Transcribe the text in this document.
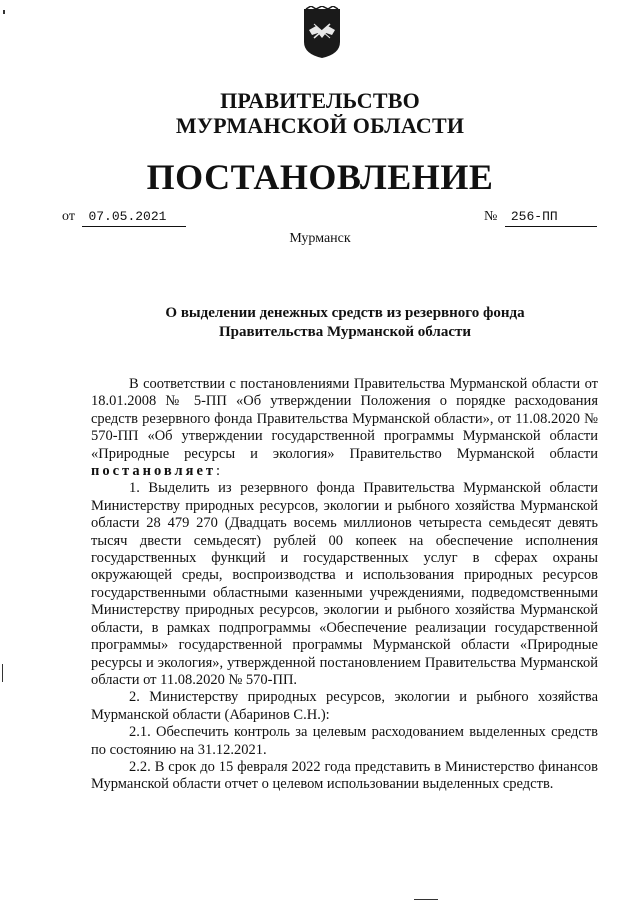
ПРАВИТЕЛЬСТВО
МУРМАНСКОЙ ОБЛАСТИ
ПОСТАНОВЛЕНИЕ
от 07.05.2021	№ 256-ПП
Мурманск
О выделении денежных средств из резервного фонда
Правительства Мурманской области

В соответствии с постановлениями Правительства Мурманской области от 18.01.2008 № 5-ПП «Об утверждении Положения о порядке расходования средств резервного фонда Правительства Мурманской области», от 11.08.2020 № 570-ПП «Об утверждении государственной программы Мурманской области «Природные ресурсы и экология» Правительство Мурманской области постановляет:

1. Выделить из резервного фонда Правительства Мурманской области Министерству природных ресурсов, экологии и рыбного хозяйства Мурманской области 28 479 270 (Двадцать восемь миллионов четыреста семьдесят девять тысяч двести семьдесят) рублей 00 копеек на обеспечение исполнения государственных функций и государственных услуг в сферах охраны окружающей среды, воспроизводства и использования природных ресурсов государственными областными казенными учреждениями, подведомственными Министерству природных ресурсов, экологии и рыбного хозяйства Мурманской области, в рамках подпрограммы «Обеспечение реализации государственной программы» государственной программы Мурманской области «Природные ресурсы и экология», утвержденной постановлением Правительства Мурманской области от 11.08.2020 № 570-ПП.

2. Министерству природных ресурсов, экологии и рыбного хозяйства Мурманской области (Абаринов С.Н.):

2.1. Обеспечить контроль за целевым расходованием выделенных средств по состоянию на 31.12.2021.

2.2. В срок до 15 февраля 2022 года представить в Министерство финансов Мурманской области отчет о целевом использовании выделенных средств.
